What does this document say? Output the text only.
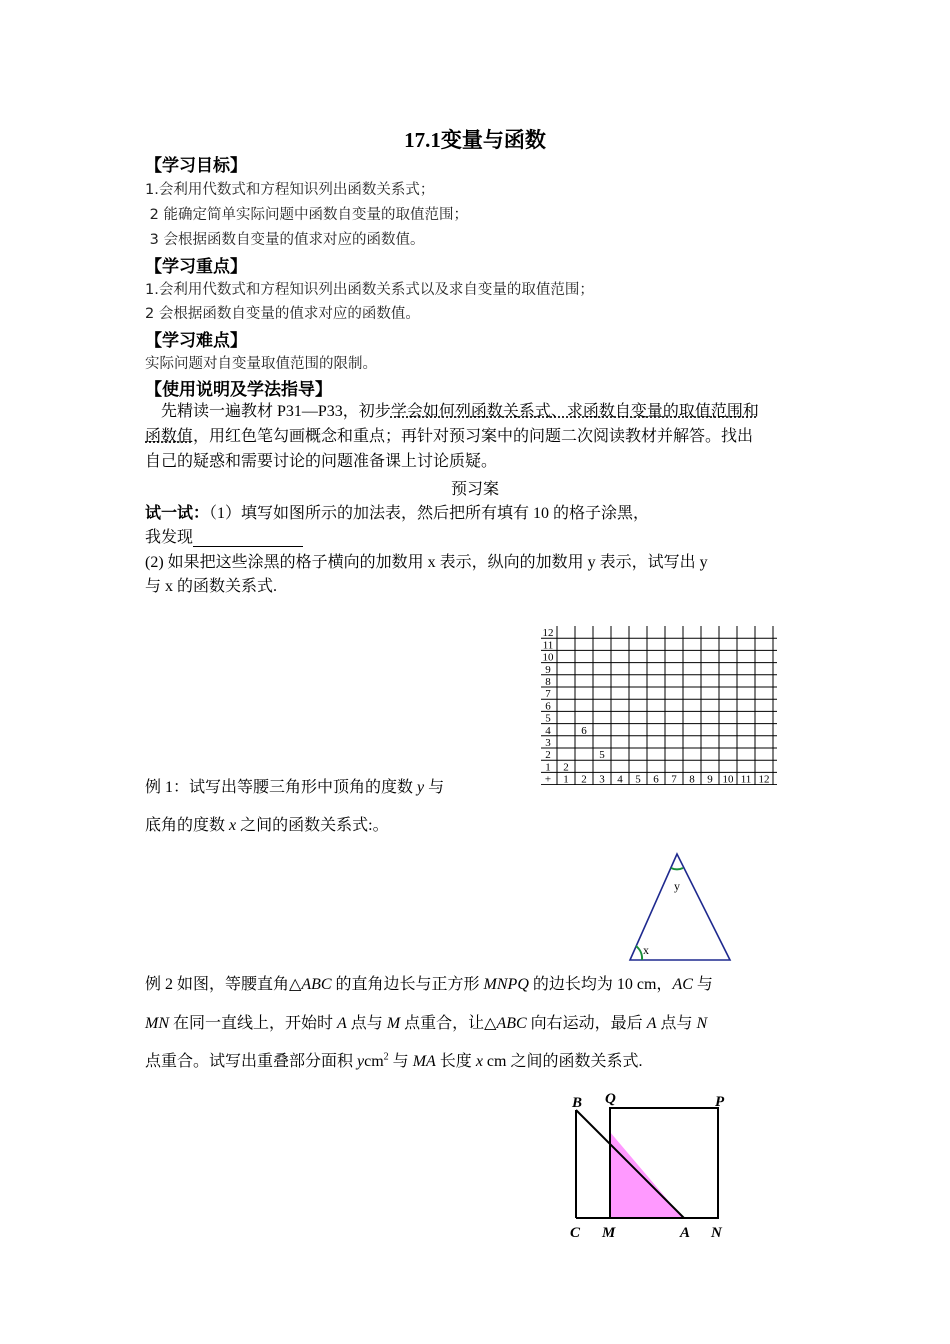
17.1变量与函数
【学习目标】
1.会利用代数式和方程知识列出函数关系式；
2 能确定简单实际问题中函数自变量的取值范围；
3 会根据函数自变量的值求对应的函数值。
【学习重点】
1.会利用代数式和方程知识列出函数关系式以及求自变量的取值范围；
2 会根据函数自变量的值求对应的函数值。
【学习难点】
实际问题对自变量取值范围的限制。
【使用说明及学法指导】
先精读一遍教材 P31—P33，初步学会如何列函数关系式、求函数自变量的取值范围和
函数值，用红色笔勾画概念和重点；再针对预习案中的问题二次阅读教材并解答。找出
自己的疑惑和需要讨论的问题准备课上讨论质疑。
预习案
试一试：（1）填写如图所示的加法表，然后把所有填有 10 的格子涂黑，
我发现
(2) 如果把这些涂黑的格子横向的加数用 x 表示，纵向的加数用 y 表示，试写出 y
与 x 的函数关系式.
12
11
10
9
8
7
6
5
4
3
2
1
+ 1 2 3 4 5 6 7 8 9 10 11 12
2
5
6
例 1：试写出等腰三角形中顶角的度数 y 与
底角的度数 x 之间的函数关系式:。
y
x
例 2 如图，等腰直角△ABC 的直角边长与正方形 MNPQ 的边长均为 10 cm，AC 与
MN 在同一直线上，开始时 A 点与 M 点重合，让△ABC 向右运动，最后 A 点与 N
点重合。试写出重叠部分面积 ycm$^2$ 与 MA 长度 x cm 之间的函数关系式.
B Q	P
C M	A N
